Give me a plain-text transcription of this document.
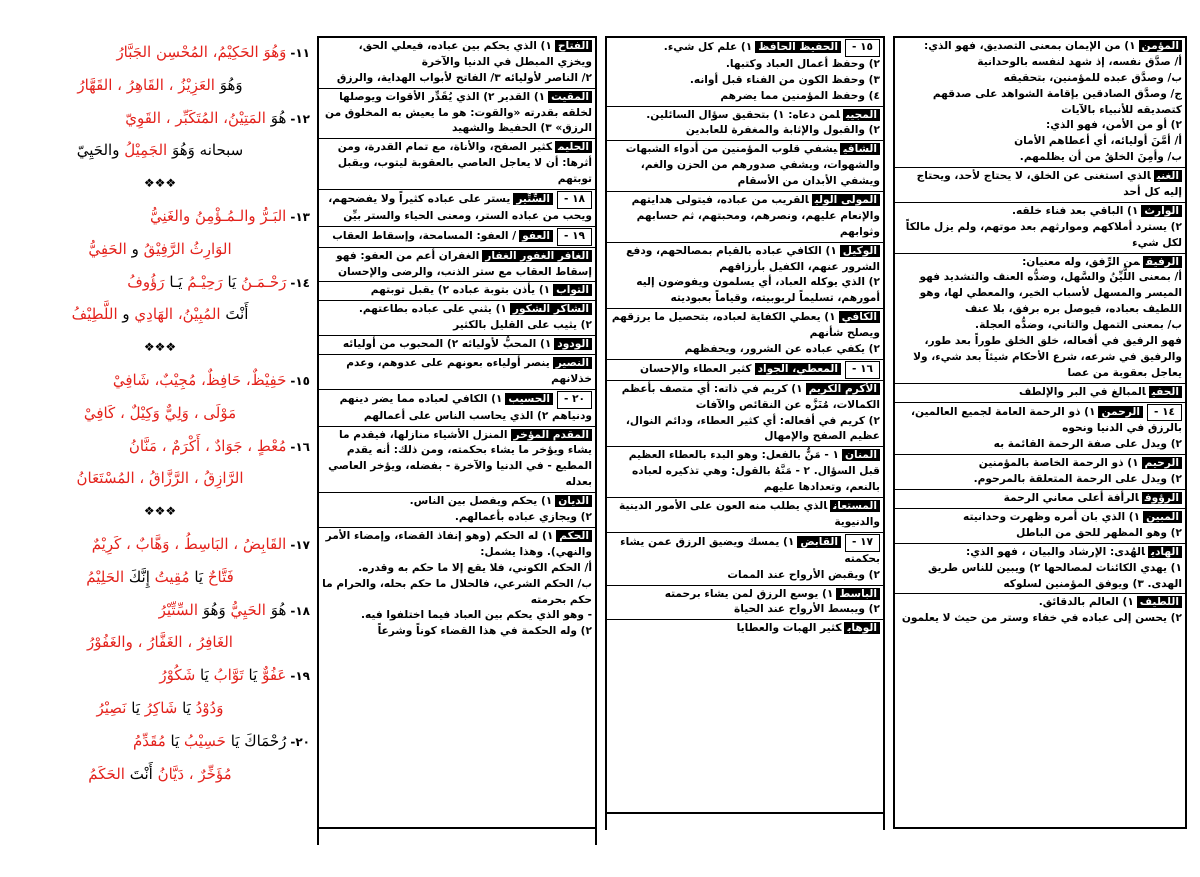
١١-وَهُوَ الحَكِيْمُ، المُحْسِن الجَبَّارُ
وَهُوَ العَزِيْزُ ، القَاهِرُ ، القَهَّارُ
١٢-هُوَ المَتِيْنُ، المُتَكَبِّر ، القَوِيّ
سبحانه وَهُوَ الجَمِيْلُ والحَيِيّ
❖❖❖
١٣-البَـرُّ والـمُـؤْمِنُ والغَنِيُّ
الوَارِثُ الرَّفِيْقُ و الحَفِيُّ
١٤-رَحْـمَـنُ يَا رَحِيْـمُ يَـا رَؤُوفُ
أَنْتَ المُبِيْنُ، الهَادِي و اللَّطِيْفُ
❖❖❖
١٥-حَفِيْظٌ، حَافِظٌ، مُجِيْبٌ، شَافِيْ
مَوْلَى ، وَلِيٌّ وَكِيْلٌ ، كَافِيْ
١٦-مُعْطٍ ، جَوَادٌ ، أَكْرَمٌ ، مَنَّانُ
الرَّازِقُ ، الرَّزَّاقُ ، المُسْتَعَانُ
❖❖❖
١٧-القَابِضُ ، البَاسِطُ ، وَهَّابٌ ، كَرِيْمٌ
فَتَّاحٌ يَا مُقِيتُ إِنَّكَ الحَلِيْمُ
١٨-هُوَ الحَيِيُّ وَهُوَ السِّتِّيْرُ
الغَافِرُ ، الغَفَّارُ ، والغَفُوْرُ
١٩-عَفُوٌّ يَا تَوَّابُ يَا شَكُوْرُ
وَدُوْدُ يَا شَاكِرُ يَا نَصِيْرُ
٢٠-رُحْمَاكَ يَا حَسِيْبُ يَا مُقَدِّمُ
مُؤَخِّرٌ ، دَيَّانُ أَنْتَ الحَكَمُ

المؤمن١) من الإيمان بمعنى التصديق، فهو الذي:

أ/ صدَّق نفسه، إذ شهد لنفسه بالوحدانية

ب/ وصدَّق عبده للمؤمنين، بتحقيقه

ج/ وصدَّق الصادقين بإقامة الشواهد على صدقهم كتصديقه للأنبياء بالآيات

٢) أو من الأمن، فهو الذي:

أ/ أمَّنَ أوليائه، أي أعطاهم الأمان

ب/ وأمِنَ الخلقُ من أن يظلمهم.

الغنيالذي استغنى عن الخلق، لا يحتاج لأحد، ويحتاج إليه كل أحد

الوارث١) الباقي بعد فناء خلقه.

٢) يسترد أملاكهم وموارثهم بعد موتهم، ولم يزل مالكاً لكل شيء

الرفيقمن الرِّفق، وله معنيان:

أ/ بمعنى اللَّيِّنُ والسَّهل، وضدُّه العنف والتشديد فهو الميسر والمسهل لأسباب الخير، والمعطي لها، وهو اللطيف بعباده، فيوصل بره برفق، بلا عنف

ب/ بمعنى التمهل والتاني، وضدُّه العجلة.

فهو الرفيق في أفعاله، خلق الخلق طوراً بعد طور، والرفيق في شرعه، شرع الأحكام شيئاً بعد شيء، ولا يعاجل بعقوبة من عصا

الحفيالمبالغ في البر والإلطف

١٤ -الرحمن١) ذو الرحمة العامة لجميع العالمين، بالرزق في الدنيا ونحوه

٢) ويدل على صفة الرحمة القائمة به

الرحيم١) ذو الرحمة الخاصة بالمؤمنين

٢) ويدل على الرحمة المتعلقة بالمرحوم.

الرؤوفالرأفة أعلى معاني الرحمة

المبين١) الذي بان أمره وظهرت وحدانيته

٢) وهو المظهر للحق من الباطل

الهاديالهُدى: الإرشاد والبيان ، فهو الذي:

١) يهدي الكائنات لمصالحها ٢) ويبين للناس طريق الهدى. ٣) ويوفق المؤمنين لسلوكه

اللطيف١) العالم بالدقائق.

٢) يحسن إلى عباده في خفاء وستر من حيث لا يعلمون

١٥ -الحفيظ الحافظ١) علم كل شيء.

٢) وحفظ أعمال العباد وكتبها.

٣) وحفظ الكون من الفناء قبل أوانه.

٤) وحفظ المؤمنين مما يضرهم

المجيبلمن دعاه: ١) بتحقيق سؤال السائلين.

٢) والقبول والإثابة والمغفرة للعابدين

الشافييشفي قلوب المؤمنين من أدواء الشبهات والشهوات، ويشفي صدورهم من الحزن والغم، ويشفي الأبدان من الأسقام

المولى الوليالقريب من عباده، فيتولى هدايتهم والإنعام عليهم، ونصرهم، ومحبتهم، ثم حسابهم وثوابهم

الوكيل١) الكافي عباده بالقيام بمصالحهم، ودفع الشرور عنهم، الكفيل بأرزاقهم

٢) الذي يوكله العباد، أي يسلمون ويفوضون إليه أمورهم، تسليماً لربوبيته، وقياماً بعبوديته

الكافي١) يعطي الكفاية لعباده، بتحصيل ما يرزقهم ويصلح شأنهم

٢) يكفي عباده عن الشرور، ويحفظهم

١٦ -المعطي، الجوادكثير العطاء والإحسان

الأكرم الكريم١) كريم في ذاته: أي متصف بأعظم الكمالات، مُنَزَّه عن النقائص والآفات

٢) كريم في أفعاله: أي كثير العطاء، ودائم النوال، عظيم الصفح والإمهال

المنان١ - مَنٌّ بالفعل: وهو البدء بالعطاء العظيم قبل السؤال. ٢ - مَنَّهُ بالقول: وهي تذكيره لعباده بالنعم، وتعدادها عليهم

المستعانالذي يطلب منه العون على الأمور الدينية والدنيوية

١٧ -القابض١) يمسك ويضيق الرزق عمن يشاء بحكمته

٢) ويقبض الأرواح عند الممات

الباسط١) يوسع الرزق لمن يشاء برحمته

٢) ويبسط الأرواح عند الحياة

الوهابكثير الهبات والعطايا

الفتاح١) الذي يحكم بين عباده، فيعلي الحق، ويخزي المبطل في الدنيا والآخرة

٢/ الناصر لأوليائه ٣/ الفاتح لأبواب الهداية، والرزق

المقيت١) القدير ٢) الذي يُقَدِّر الأقوات ويوصلها لخلقه بقدرته «والقوت: هو ما يعيش به المخلوق من الرزق» ٣) الحفيظ والشهيد

الحليمكثير الصفح، والأناة، مع تمام القدرة، ومن أثرها: أن لا يعاجل العاصي بالعقوبة ليتوب، ويقبل توبتهم

١٨ -السِّتِّيريستر على عباده كثيراً ولا يفضحهم، ويحب من عباده الستر، ومعنى الحياء والستر بيِّن

١٩ -العفو/ العفو: المسامحة، وإسقاط العقاب

الغافر الغفور الغفارالغفران أعم من العفو: فهو إسقاط العقاب مع ستر الذنب، والرضى والإحسان

التواب١) يأذن بتوبة عباده ٢) يقبل توبتهم

الشاكر الشكور١) يثني على عباده بطاعتهم.

٢) يثيب على القليل بالكثير

الودود١) المحبُّ لأوليائه ٢) المحبوب من أوليائه

النصيرينصر أولياءه بعونهم على عدوهم، وعدم خذلانهم

٢٠ -الحسيب١) الكافي لعباده مما يضر دينهم ودنياهم ٢) الذي يحاسب الناس على أعمالهم

المقدم المؤخرالمنزل الأشياء منازلها، فيقدم ما يشاء ويؤخر ما يشاء بحكمته، ومن ذلك: أنه يقدم المطيع - في الدنيا والآخرة - بفضله، ويؤخر العاصي بعدله

الديان١) يحكم ويفصل بين الناس.

٢) ويجازي عباده بأعمالهم.

الحكم١) له الحكم (وهو إنفاذ القضاء، وإمضاء الأمر والنهي). وهذا يشمل:

أ/ الحكم الكوني، فلا يقع إلا ما حكم به وقدره.

ب/ الحكم الشرعي، فالحلال ما حكم بحله، والحرام ما حكم بحرمته

- وهو الذي يحكم بين العباد فيما اختلفوا فيه.

٢) وله الحكمة في هذا القضاء كوناً وشرعاً
